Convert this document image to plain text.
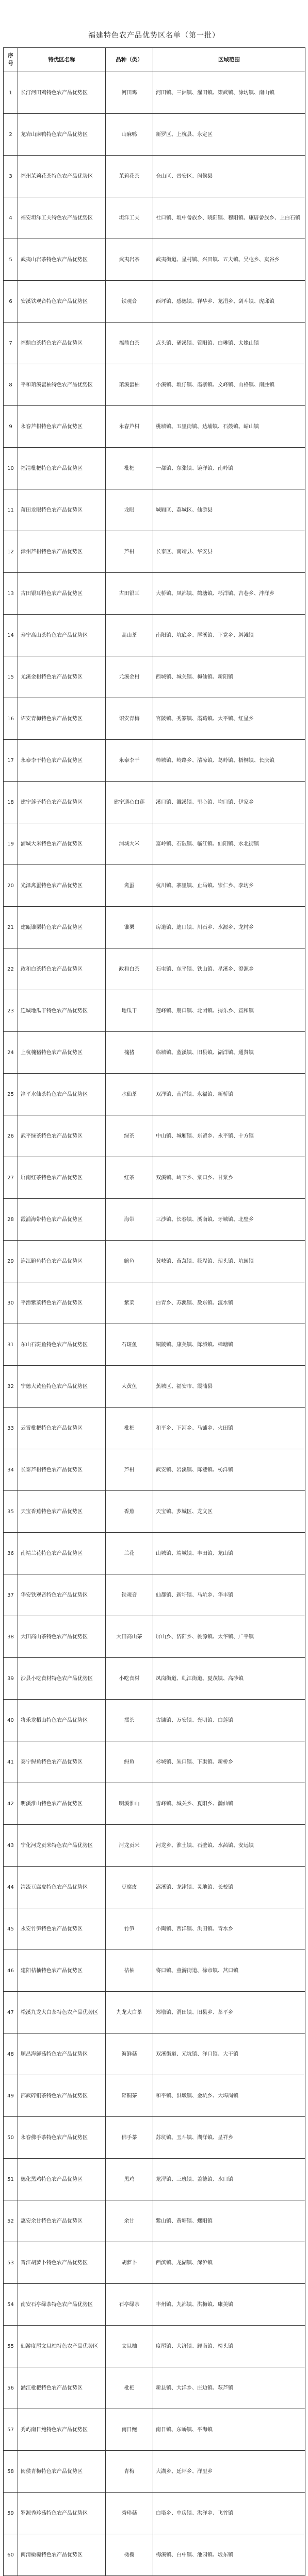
福建特色农产品优势区名单（第一批）
序号	特优区名称	品种（类）	区域范围
1	长汀河田鸡特色农产品优势区	河田鸡	河田镇、三洲镇、濯田镇、策武镇、涂坊镇、南山镇
2	龙岩山麻鸭特色农产品优势区	山麻鸭	新罗区、上杭县、永定区
3	福州茉莉花茶特色农产品优势区	茉莉花茶	仓山区、晋安区、闽侯县
4	福安坦洋工夫特色农产品优势区	坦洋工夫	社口镇、坂中畲族乡、晓阳镇、穆阳镇、康厝畲族乡、上白石镇
5	武夷山岩茶特色农产品优势区	武夷岩茶	武夷街道、星村镇、兴田镇、五夫镇、吴屯乡、岚谷乡
6	安溪铁观音特色农产品优势区	铁观音	西坪镇、感德镇、祥华乡、龙涓乡、剑斗镇、虎邱镇
7	福鼎白茶特色农产品优势区	福鼎白茶	点头镇、磻溪镇、管阳镇、白琳镇、太姥山镇
8	平和琯溪蜜柚特色农产品优势区	琯溪蜜柚	小溪镇、坂仔镇、霞寨镇、文峰镇、山格镇、南胜镇
9	永春芦柑特色农产品优势区	永春芦柑	桃城镇、五里街镇、达埔镇、石鼓镇、岵山镇
10	福清枇杷特色农产品优势区	枇杷	一都镇、东张镇、镜洋镇、南岭镇
11	莆田龙眼特色农产品优势区	龙眼	城厢区、荔城区、仙游县
12	漳州芦柑特色农产品优势区	芦柑	长泰区、南靖县、华安县
13	古田银耳特色农产品优势区	古田银耳	大桥镇、凤都镇、鹤塘镇、杉洋镇、吉巷乡、泮洋乡
14	寿宁高山茶特色农产品优势区	高山茶	南阳镇、坑底乡、犀溪镇、下党乡、斜滩镇
15	尤溪金柑特色农产品优势区	尤溪金柑	西城镇、城关镇、梅仙镇、新阳镇
16	诏安青梅特色农产品优势区	诏安青梅	官陂镇、秀篆镇、霞葛镇、太平镇、红星乡
17	永泰李干特色农产品优势区	永泰李干	樟城镇、岭路乡、清凉镇、葛岭镇、梧桐镇、长庆镇
18	建宁莲子特色农产品优势区	建宁通心白莲	溪口镇、濉溪镇、里心镇、均口镇、伊家乡
19	浦城大米特色农产品优势区	浦城大米	富岭镇、石陂镇、临江镇、仙阳镇、水北街镇
20	光泽禽蛋特色农产品优势区	禽蛋	杭川镇、寨里镇、止马镇、崇仁乡、李坊乡
21	建瓯锥栗特色农产品优势区	锥栗	房道镇、迪口镇、川石乡、水源乡、龙村乡
22	政和白茶特色农产品优势区	政和白茶	石屯镇、东平镇、铁山镇、星溪乡、澄源乡
23	连城地瓜干特色农产品优势区	地瓜干	莲峰镇、朋口镇、北团镇、揭乐乡、宣和镇
24	上杭槐猪特色农产品优势区	槐猪	临城镇、蓝溪镇、旧县镇、湖洋镇、通贤镇
25	漳平水仙茶特色农产品优势区	水仙茶	双洋镇、南洋镇、永福镇、新桥镇
26	武平绿茶特色农产品优势区	绿茶	中山镇、城厢镇、东留乡、永平镇、十方镇
27	屏南红茶特色农产品优势区	红茶	双溪镇、岭下乡、棠口乡、甘棠乡
28	霞浦海带特色农产品优势区	海带	三沙镇、长春镇、溪南镇、牙城镇、北壁乡
29	连江鲍鱼特色农产品优势区	鲍鱼	黄岐镇、苔菉镇、筱埕镇、琯头镇、坑园镇
30	平潭紫菜特色农产品优势区	紫菜	白青乡、苏澳镇、敖东镇、流水镇
31	东山石斑鱼特色农产品优势区	石斑鱼	铜陵镇、康美镇、陈城镇、樟塘镇
32	宁德大黄鱼特色农产品优势区	大黄鱼	蕉城区、福安市、霞浦县
33	云霄枇杷特色农产品优势区	枇杷	和平乡、下河乡、马铺乡、火田镇
34	长泰芦柑特色农产品优势区	芦柑	武安镇、岩溪镇、陈巷镇、枋洋镇
35	天宝香蕉特色农产品优势区	香蕉	天宝镇、芗城区、龙文区
36	南靖兰花特色农产品优势区	兰花	山城镇、靖城镇、丰田镇、龙山镇
37	华安铁观音特色农产品优势区	铁观音	仙都镇、新圩镇、马坑乡、华丰镇
38	大田高山茶特色农产品优势区	大田高山茶	屏山乡、济阳乡、桃源镇、太华镇、广平镇
39	沙县小吃食材特色农产品优势区	小吃食材	凤岗街道、虬江街道、夏茂镇、高砂镇
40	将乐龙栖山特色农产品优势区	擂茶	古镛镇、万安镇、光明镇、白莲镇
41	泰宁鲟鱼特色农产品优势区	鲟鱼	杉城镇、朱口镇、下渠镇、新桥乡
42	明溪淮山特色农产品优势区	明溪淮山	雪峰镇、城关乡、夏阳乡、瀚仙镇
43	宁化河龙贡米特色农产品优势区	河龙贡米	河龙乡、淮土镇、石壁镇、水茜镇、安远镇
44	清流豆腐皮特色农产品优势区	豆腐皮	嵩溪镇、龙津镇、灵地镇、长校镇
45	永安竹笋特色农产品优势区	竹笋	小陶镇、西洋镇、洪田镇、青水乡
46	建阳桔柚特色农产品优势区	桔柚	将口镇、童游街道、徐市镇、莒口镇
47	松溪九龙大白茶特色农产品优势区	九龙大白茶	郑墩镇、渭田镇、旧县乡、茶平乡
48	顺昌海鲜菇特色农产品优势区	海鲜菇	双溪街道、元坑镇、洋口镇、大干镇
49	邵武碎铜茶特色农产品优势区	碎铜茶	和平镇、洪墩镇、金坑乡、大埠岗镇
50	永春佛手茶特色农产品优势区	佛手茶	苏坑镇、玉斗镇、湖洋镇、呈祥乡
51	德化黑鸡特色农产品优势区	黑鸡	龙浔镇、三班镇、盖德镇、水口镇
52	惠安余甘特色农产品优势区	余甘	紫山镇、黄塘镇、螺阳镇
53	晋江胡萝卜特色农产品优势区	胡萝卜	西滨镇、龙湖镇、深沪镇
54	南安石亭绿茶特色农产品优势区	石亭绿茶	丰州镇、九都镇、洪梅镇、康美镇
55	仙游度尾文旦柚特色农产品优势区	文旦柚	度尾镇、大济镇、鲤南镇、榜头镇
56	涵江枇杷特色农产品优势区	枇杷	新县镇、大洋乡、庄边镇、萩芦镇
57	秀屿南日鲍特色农产品优势区	南日鲍	南日镇、东峤镇、平海镇
58	闽侯青梅特色农产品优势区	青梅	大湖乡、廷坪乡、洋里乡
59	罗源秀珍菇特色农产品优势区	秀珍菇	白塔乡、中房镇、洪洋乡、飞竹镇
60	闽清橄榄特色农产品优势区	橄榄	梅溪镇、白中镇、池园镇、坂东镇
